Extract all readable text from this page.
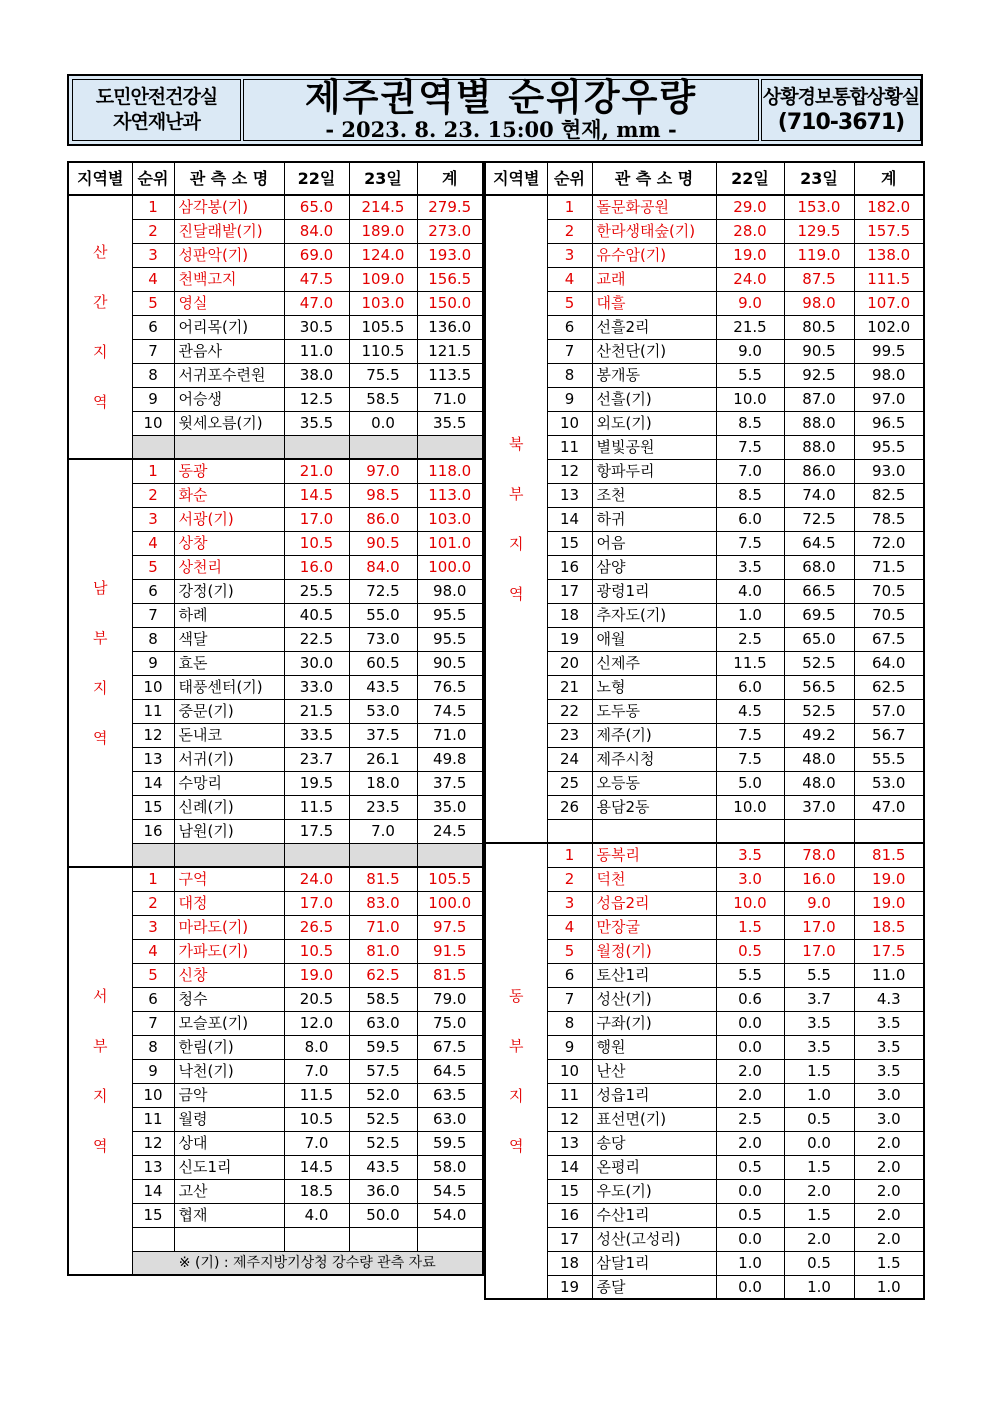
도민안전건강실
자연재난과
제주권역별 순위강우량
- 2023. 8. 23. 15:00 현재, mm -
상황경보통합상황실
(710-3671)
지역별	순위	관 측 소 명	22일	23일	계
산간지역	1	삼각봉(기)	65.0	214.5	279.5
	2	진달래밭(기)	84.0	189.0	273.0
	3	성판악(기)	69.0	124.0	193.0
	4	천백고지	47.5	109.0	156.5
	5	영실	47.0	103.0	150.0
	6	어리목(기)	30.5	105.5	136.0
	7	관음사	11.0	110.5	121.5
	8	서귀포수련원	38.0	75.5	113.5
	9	어승생	12.5	58.5	71.0
	10	윗세오름(기)	35.5	0.0	35.5

남부지역	1	동광	21.0	97.0	118.0
	2	화순	14.5	98.5	113.0
	3	서광(기)	17.0	86.0	103.0
	4	상창	10.5	90.5	101.0
	5	상천리	16.0	84.0	100.0
	6	강정(기)	25.5	72.5	98.0
	7	하례	40.5	55.0	95.5
	8	색달	22.5	73.0	95.5
	9	효돈	30.0	60.5	90.5
	10	태풍센터(기)	33.0	43.5	76.5
	11	중문(기)	21.5	53.0	74.5
	12	돈내코	33.5	37.5	71.0
	13	서귀(기)	23.7	26.1	49.8
	14	수망리	19.5	18.0	37.5
	15	신례(기)	11.5	23.5	35.0
	16	남원(기)	17.5	7.0	24.5

서부지역	1	구억	24.0	81.5	105.5
	2	대정	17.0	83.0	100.0
	3	마라도(기)	26.5	71.0	97.5
	4	가파도(기)	10.5	81.0	91.5
	5	신창	19.0	62.5	81.5
	6	청수	20.5	58.5	79.0
	7	모슬포(기)	12.0	63.0	75.0
	8	한림(기)	8.0	59.5	67.5
	9	낙천(기)	7.0	57.5	64.5
	10	금악	11.5	52.0	63.5
	11	월령	10.5	52.5	63.0
	12	상대	7.0	52.5	59.5
	13	신도1리	14.5	43.5	58.0
	14	고산	18.5	36.0	54.5
	15	협재	4.0	50.0	54.0

	※ (기) : 제주지방기상청 강수량 관측 자료				

지역별	순위	관 측 소 명	22일	23일	계
북부지역	1	돌문화공원	29.0	153.0	182.0
	2	한라생태숲(기)	28.0	129.5	157.5
	3	유수암(기)	19.0	119.0	138.0
	4	교래	24.0	87.5	111.5
	5	대흘	9.0	98.0	107.0
	6	선흘2리	21.5	80.5	102.0
	7	산천단(기)	9.0	90.5	99.5
	8	봉개동	5.5	92.5	98.0
	9	선흘(기)	10.0	87.0	97.0
	10	외도(기)	8.5	88.0	96.5
	11	별빛공원	7.5	88.0	95.5
	12	항파두리	7.0	86.0	93.0
	13	조천	8.5	74.0	82.5
	14	하귀	6.0	72.5	78.5
	15	어음	7.5	64.5	72.0
	16	삼양	3.5	68.0	71.5
	17	광령1리	4.0	66.5	70.5
	18	추자도(기)	1.0	69.5	70.5
	19	애월	2.5	65.0	67.5
	20	신제주	11.5	52.5	64.0
	21	노형	6.0	56.5	62.5
	22	도두동	4.5	52.5	57.0
	23	제주(기)	7.5	49.2	56.7
	24	제주시청	7.5	48.0	55.5
	25	오등동	5.0	48.0	53.0
	26	용담2동	10.0	37.0	47.0

동부지역	1	동복리	3.5	78.0	81.5
	2	덕천	3.0	16.0	19.0
	3	성읍2리	10.0	9.0	19.0
	4	만장굴	1.5	17.0	18.5
	5	월정(기)	0.5	17.0	17.5
	6	토산1리	5.5	5.5	11.0
	7	성산(기)	0.6	3.7	4.3
	8	구좌(기)	0.0	3.5	3.5
	9	행원	0.0	3.5	3.5
	10	난산	2.0	1.5	3.5
	11	성읍1리	2.0	1.0	3.0
	12	표선면(기)	2.5	0.5	3.0
	13	송당	2.0	0.0	2.0
	14	온평리	0.5	1.5	2.0
	15	우도(기)	0.0	2.0	2.0
	16	수산1리	0.5	1.5	2.0
	17	성산(고성리)	0.0	2.0	2.0
	18	삼달1리	1.0	0.5	1.5
	19	종달	0.0	1.0	1.0
